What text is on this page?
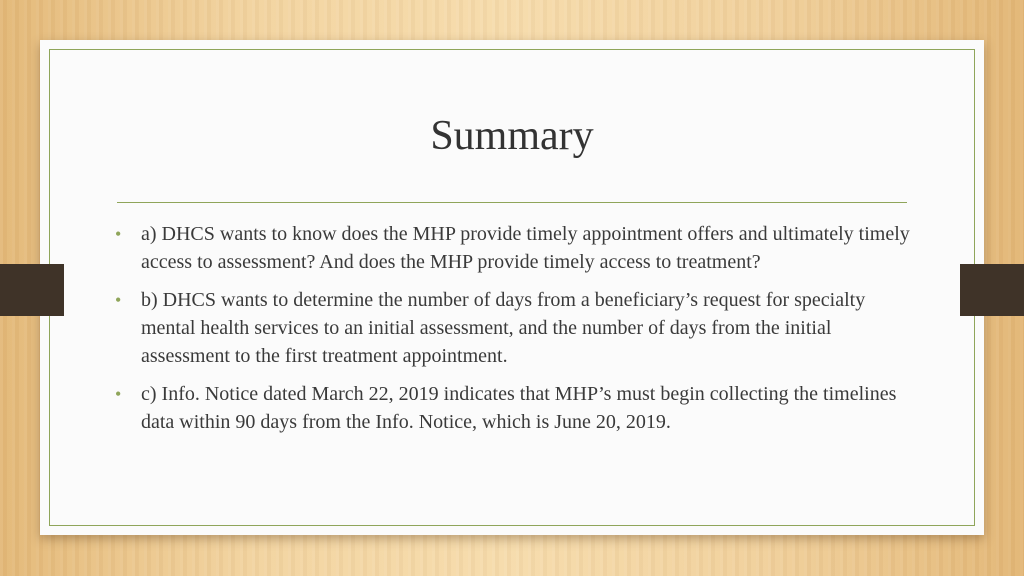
Summary
• a) DHCS wants to know does the MHP provide timely appointment offers and ultimately timely access to assessment? And does the MHP provide timely access to treatment?
• b) DHCS wants to determine the number of days from a beneficiary’s request for specialty mental health services to an initial assessment, and the number of days from the initial assessment to the first treatment appointment.
• c) Info. Notice dated March 22, 2019 indicates that MHP’s must begin collecting the timelines data within 90 days from the Info. Notice, which is June 20, 2019.
